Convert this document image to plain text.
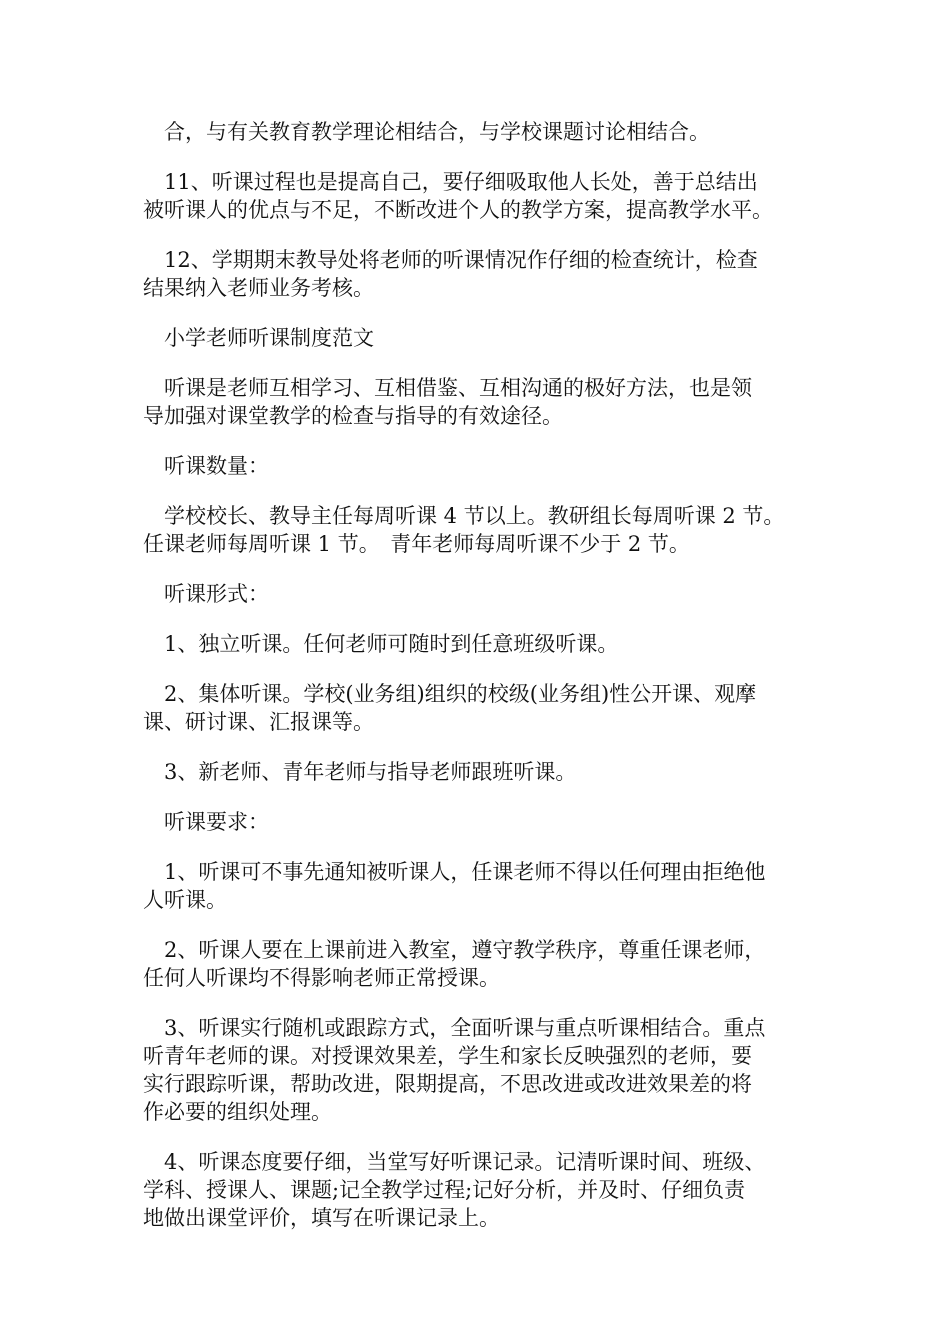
　合，与有关教育教学理论相结合，与学校课题讨论相结合。
　11、听课过程也是提高自己，要仔细吸取他人长处，善于总结出
被听课人的优点与不足，不断改进个人的教学方案，提高教学水平。
　12、学期期末教导处将老师的听课情况作仔细的检查统计，检查
结果纳入老师业务考核。
　小学老师听课制度范文
　听课是老师互相学习、互相借鉴、互相沟通的极好方法，也是领
导加强对课堂教学的检查与指导的有效途径。
　听课数量：
　学校校长、教导主任每周听课 4 节以上。教研组长每周听课 2 节。
任课老师每周听课 1 节。　青年老师每周听课不少于 2 节。
　听课形式：
　1、独立听课。任何老师可随时到任意班级听课。
　2、集体听课。学校(业务组)组织的校级(业务组)性公开课、观摩
课、研讨课、汇报课等。
　3、新老师、青年老师与指导老师跟班听课。
　听课要求：
　1、听课可不事先通知被听课人，任课老师不得以任何理由拒绝他
人听课。
　2、听课人要在上课前进入教室，遵守教学秩序，尊重任课老师，
任何人听课均不得影响老师正常授课。
　3、听课实行随机或跟踪方式，全面听课与重点听课相结合。重点
听青年老师的课。对授课效果差，学生和家长反映强烈的老师，要
实行跟踪听课，帮助改进，限期提高，不思改进或改进效果差的将
作必要的组织处理。
　4、听课态度要仔细，当堂写好听课记录。记清听课时间、班级、
学科、授课人、课题;记全教学过程;记好分析，并及时、仔细负责
地做出课堂评价，填写在听课记录上。
